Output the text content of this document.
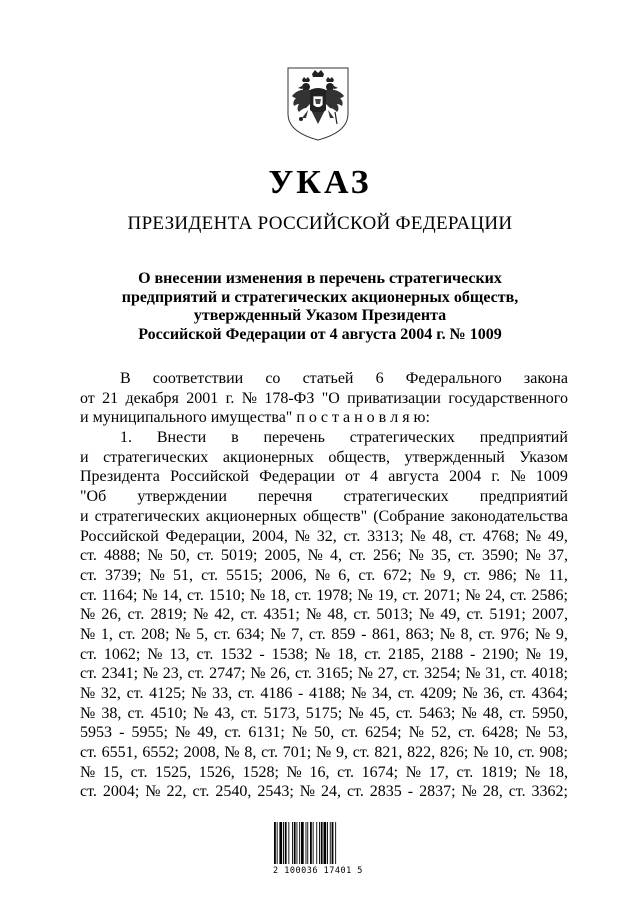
УКАЗ
ПРЕЗИДЕНТА РОССИЙСКОЙ ФЕДЕРАЦИИ
О внесении изменения в перечень стратегических
предприятий и стратегических акционерных обществ,
утвержденный Указом Президента
Российской Федерации от 4 августа 2004 г. № 1009
В соответствии со статьей 6 Федерального закона
от 21 декабря 2001 г. № 178-ФЗ "О приватизации государственного
и муниципального имущества" п о с т а н о в л я ю:
1. Внести в перечень стратегических предприятий
и стратегических акционерных обществ, утвержденный Указом
Президента Российской Федерации от 4 августа 2004 г. № 1009
"Об утверждении перечня стратегических предприятий
и стратегических акционерных обществ" (Собрание законодательства
Российской Федерации, 2004, № 32, ст. 3313; № 48, ст. 4768; № 49,
ст. 4888; № 50, ст. 5019; 2005, № 4, ст. 256; № 35, ст. 3590; № 37,
ст. 3739; № 51, ст. 5515; 2006, № 6, ст. 672; № 9, ст. 986; № 11,
ст. 1164; № 14, ст. 1510; № 18, ст. 1978; № 19, ст. 2071; № 24, ст. 2586;
№ 26, ст. 2819; № 42, ст. 4351; № 48, ст. 5013; № 49, ст. 5191; 2007,
№ 1, ст. 208; № 5, ст. 634; № 7, ст. 859 - 861, 863; № 8, ст. 976; № 9,
ст. 1062; № 13, ст. 1532 - 1538; № 18, ст. 2185, 2188 - 2190; № 19,
ст. 2341; № 23, ст. 2747; № 26, ст. 3165; № 27, ст. 3254; № 31, ст. 4018;
№ 32, ст. 4125; № 33, ст. 4186 - 4188; № 34, ст. 4209; № 36, ст. 4364;
№ 38, ст. 4510; № 43, ст. 5173, 5175; № 45, ст. 5463; № 48, ст. 5950,
5953 - 5955; № 49, ст. 6131; № 50, ст. 6254; № 52, ст. 6428; № 53,
ст. 6551, 6552; 2008, № 8, ст. 701; № 9, ст. 821, 822, 826; № 10, ст. 908;
№ 15, ст. 1525, 1526, 1528; № 16, ст. 1674; № 17, ст. 1819; № 18,
ст. 2004; № 22, ст. 2540, 2543; № 24, ст. 2835 - 2837; № 28, ст. 3362;
2 100036 17401 5
